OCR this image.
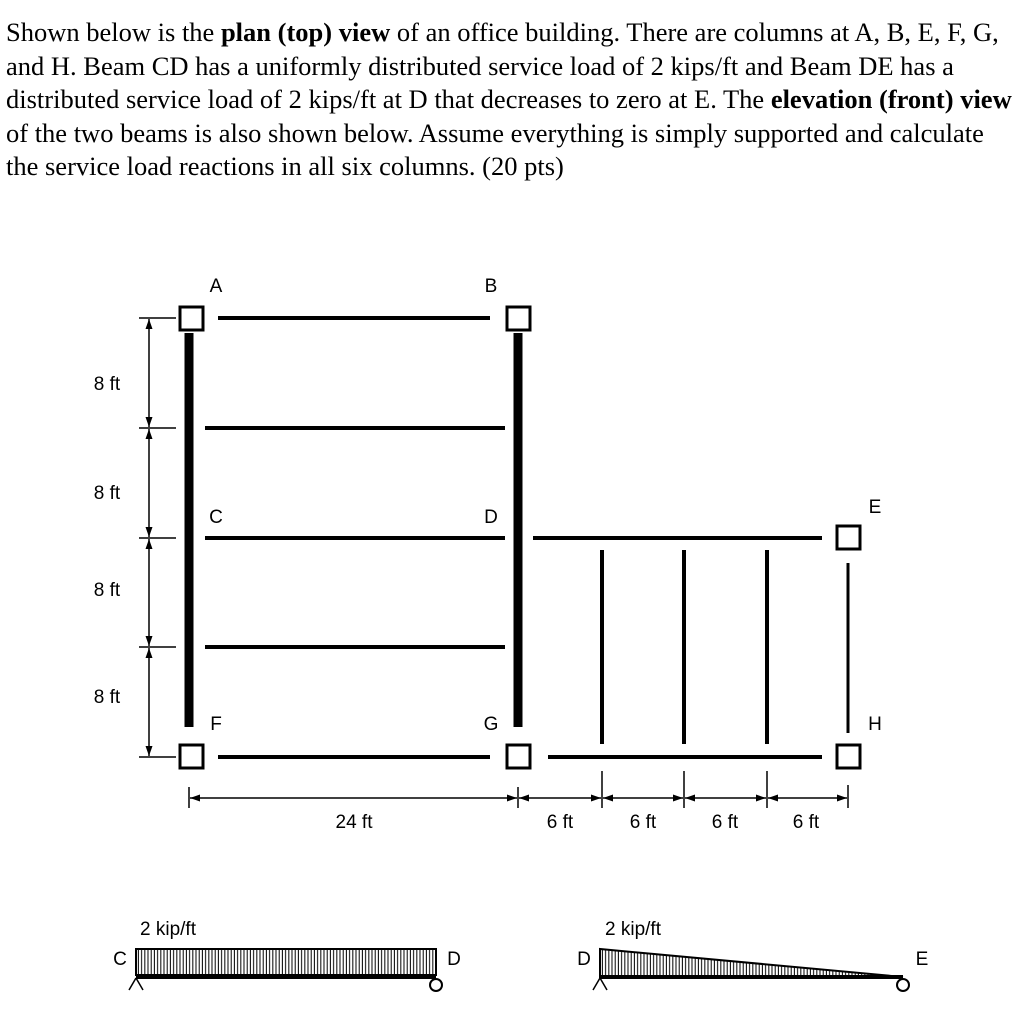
Shown below is the plan (top) view of an office building. There are columns at A, B, E, F, G, and H. Beam CD has a uniformly distributed service load of 2 kips/ft and Beam DE has a distributed service load of 2 kips/ft at D that decreases to zero at E. The elevation (front) view of the two beams is also shown below. Assume everything is simply supported and calculate the service load reactions in all six columns. (20 pts)

A	B
C	D	E
F	G	H
8 ft
8 ft
8 ft
8 ft
24 ft	6 ft	6 ft	6 ft	6 ft
2 kip/ft
C	D
2 kip/ft
D	E
